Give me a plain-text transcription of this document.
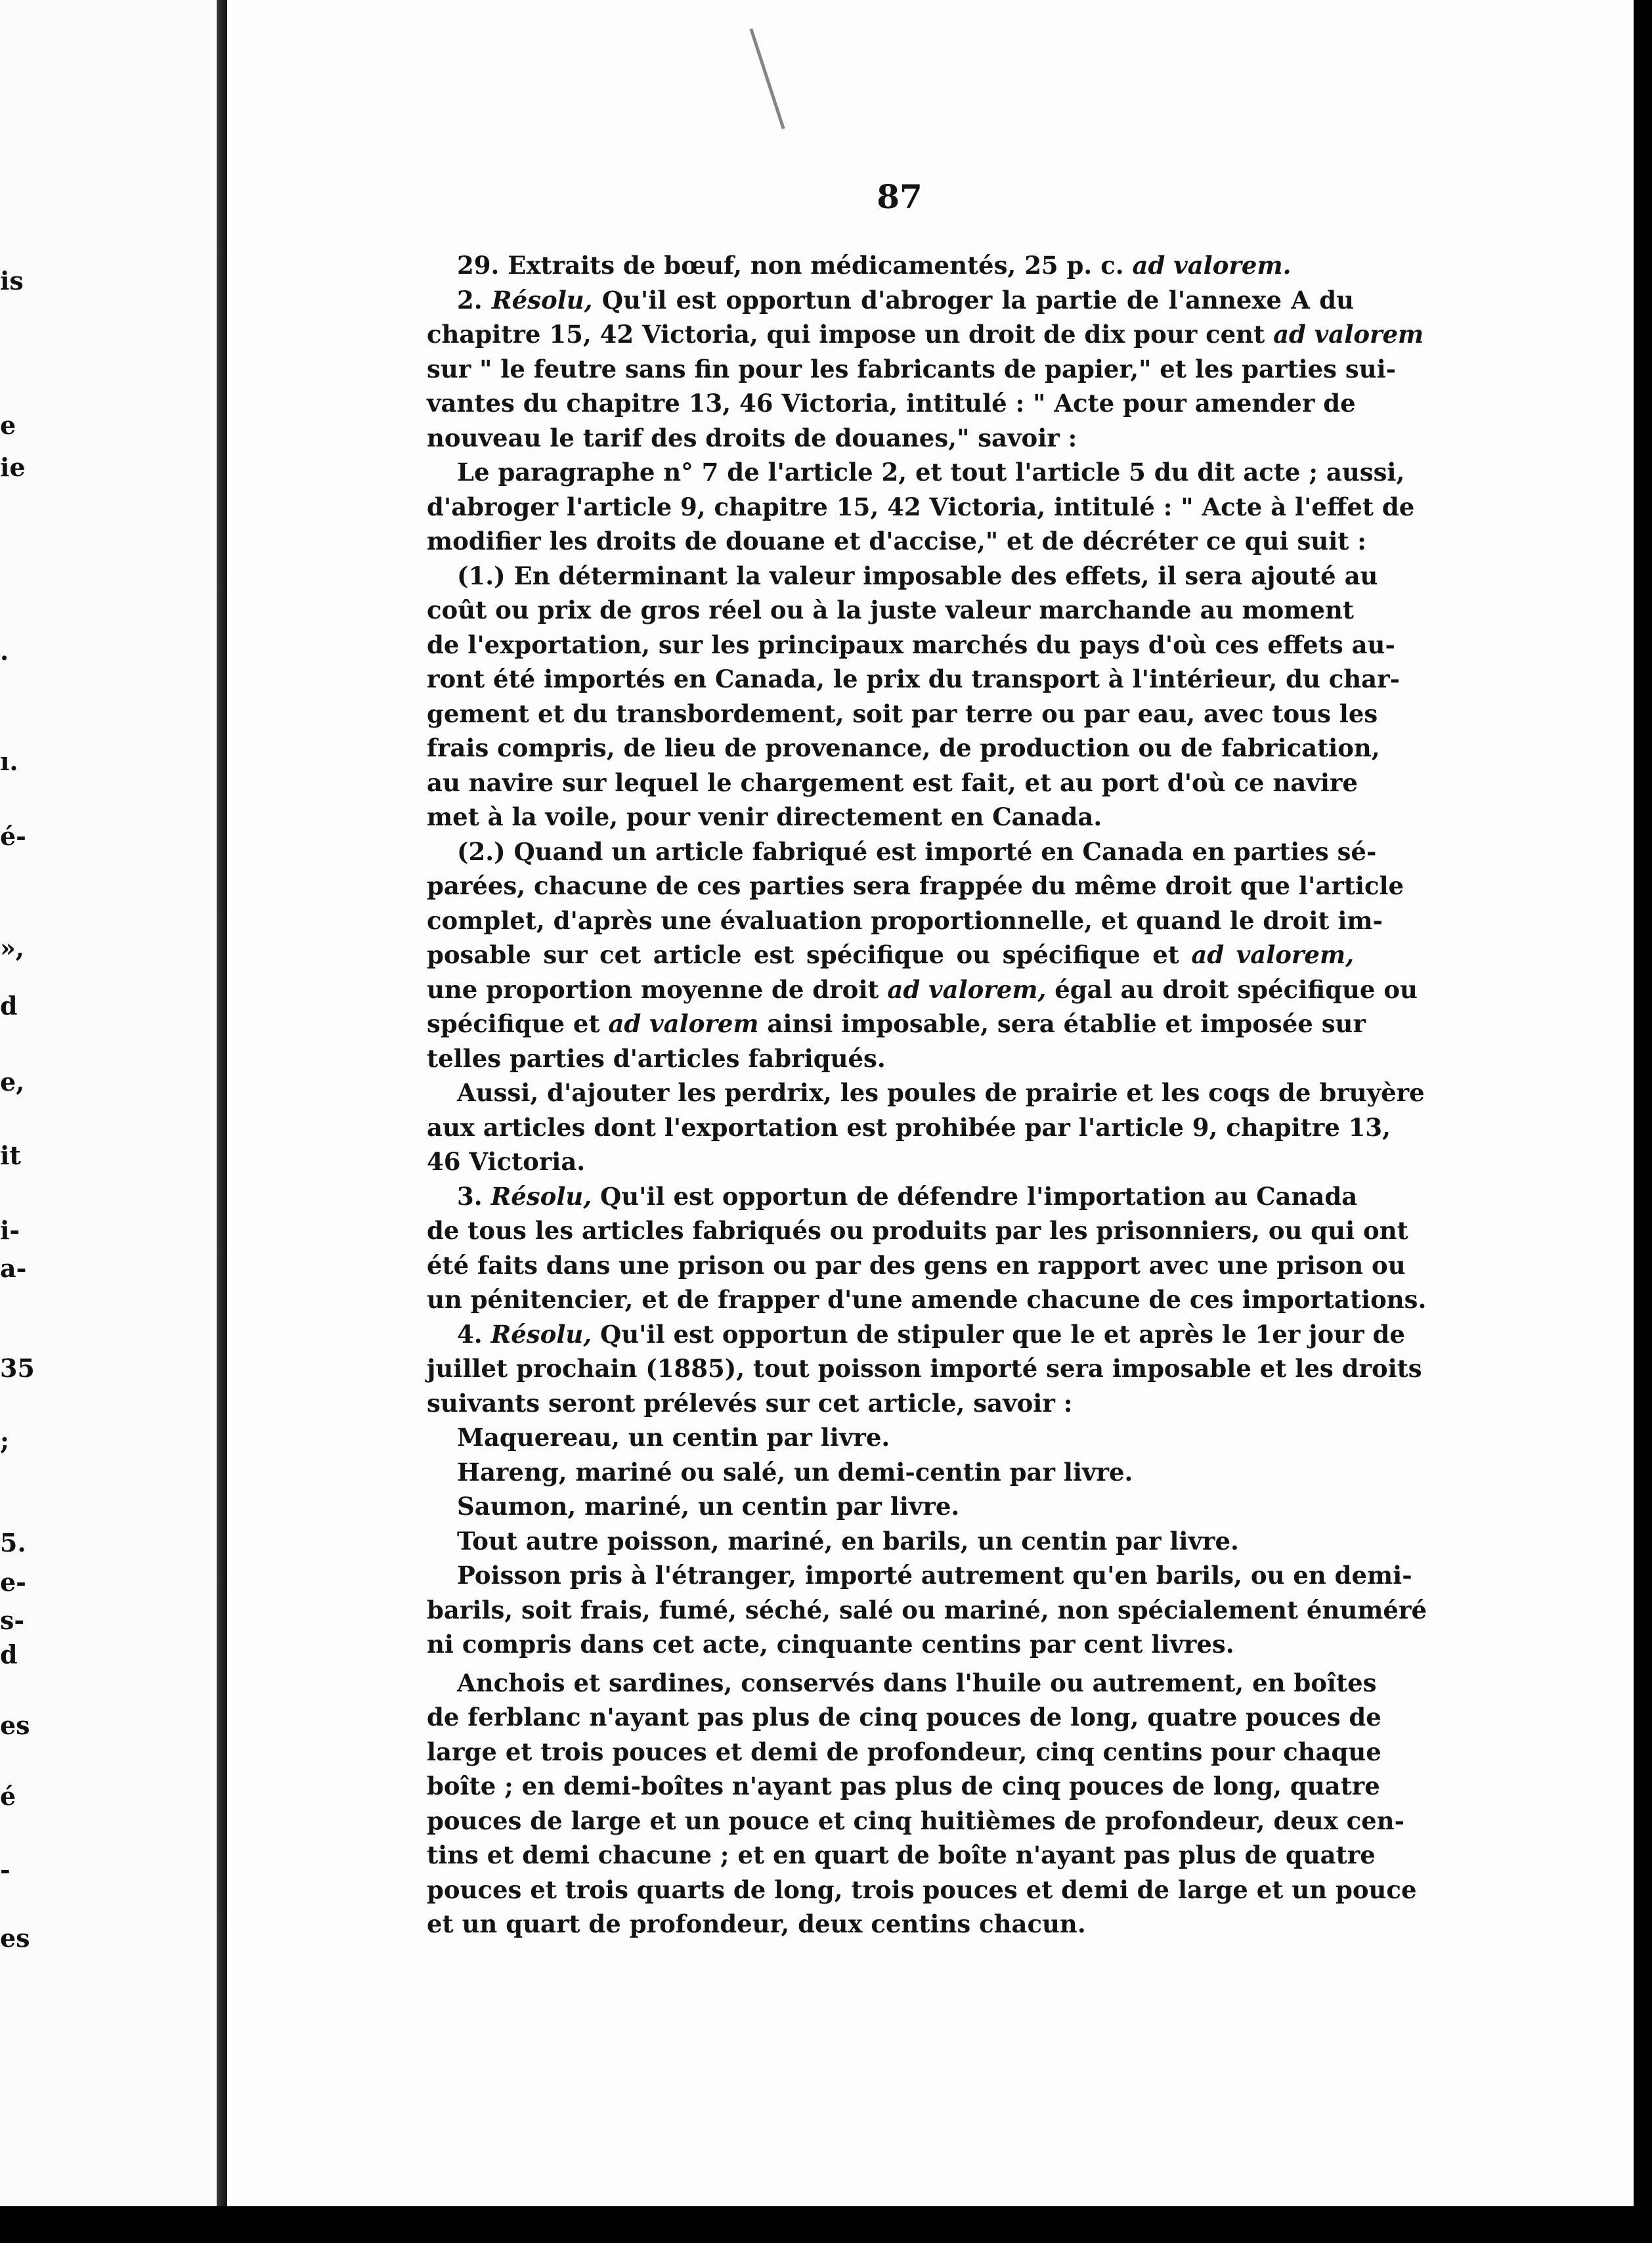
is
e
ie
.
ı.
é-
»,
d
e,
it
i-
a-
35
;
5.
e-
s-
d
es
é
-
es
87
29. Extraits de bœuf, non médicamentés, 25 p. c. ad valorem.
2. Résolu, Qu'il est opportun d'abroger la partie de l'annexe A du
chapitre 15, 42 Victoria, qui impose un droit de dix pour cent ad valorem
sur " le feutre sans fin pour les fabricants de papier," et les parties sui-
vantes du chapitre 13, 46 Victoria, intitulé : " Acte pour amender de
nouveau le tarif des droits de douanes," savoir :
Le paragraphe n° 7 de l'article 2, et tout l'article 5 du dit acte ; aussi,
d'abroger l'article 9, chapitre 15, 42 Victoria, intitulé : " Acte à l'effet de
modifier les droits de douane et d'accise," et de décréter ce qui suit :
(1.) En déterminant la valeur imposable des effets, il sera ajouté au
coût ou prix de gros réel ou à la juste valeur marchande au moment
de l'exportation, sur les principaux marchés du pays d'où ces effets au-
ront été importés en Canada, le prix du transport à l'intérieur, du char-
gement et du transbordement, soit par terre ou par eau, avec tous les
frais compris, de lieu de provenance, de production ou de fabrication,
au navire sur lequel le chargement est fait, et au port d'où ce navire
met à la voile, pour venir directement en Canada.
(2.) Quand un article fabriqué est importé en Canada en parties sé-
parées, chacune de ces parties sera frappée du même droit que l'article
complet, d'après une évaluation proportionnelle, et quand le droit im-
posable sur cet article est spécifique ou spécifique et ad valorem,
une proportion moyenne de droit ad valorem, égal au droit spécifique ou
spécifique et ad valorem ainsi imposable, sera établie et imposée sur
telles parties d'articles fabriqués.
Aussi, d'ajouter les perdrix, les poules de prairie et les coqs de bruyère
aux articles dont l'exportation est prohibée par l'article 9, chapitre 13,
46 Victoria.
3. Résolu, Qu'il est opportun de défendre l'importation au Canada
de tous les articles fabriqués ou produits par les prisonniers, ou qui ont
été faits dans une prison ou par des gens en rapport avec une prison ou
un pénitencier, et de frapper d'une amende chacune de ces importations.
4. Résolu, Qu'il est opportun de stipuler que le et après le 1er jour de
juillet prochain (1885), tout poisson importé sera imposable et les droits
suivants seront prélevés sur cet article, savoir :
Maquereau, un centin par livre.
Hareng, mariné ou salé, un demi-centin par livre.
Saumon, mariné, un centin par livre.
Tout autre poisson, mariné, en barils, un centin par livre.
Poisson pris à l'étranger, importé autrement qu'en barils, ou en demi-
barils, soit frais, fumé, séché, salé ou mariné, non spécialement énuméré
ni compris dans cet acte, cinquante centins par cent livres.
Anchois et sardines, conservés dans l'huile ou autrement, en boîtes
de ferblanc n'ayant pas plus de cinq pouces de long, quatre pouces de
large et trois pouces et demi de profondeur, cinq centins pour chaque
boîte ; en demi-boîtes n'ayant pas plus de cinq pouces de long, quatre
pouces de large et un pouce et cinq huitièmes de profondeur, deux cen-
tins et demi chacune ; et en quart de boîte n'ayant pas plus de quatre
pouces et trois quarts de long, trois pouces et demi de large et un pouce
et un quart de profondeur, deux centins chacun.
